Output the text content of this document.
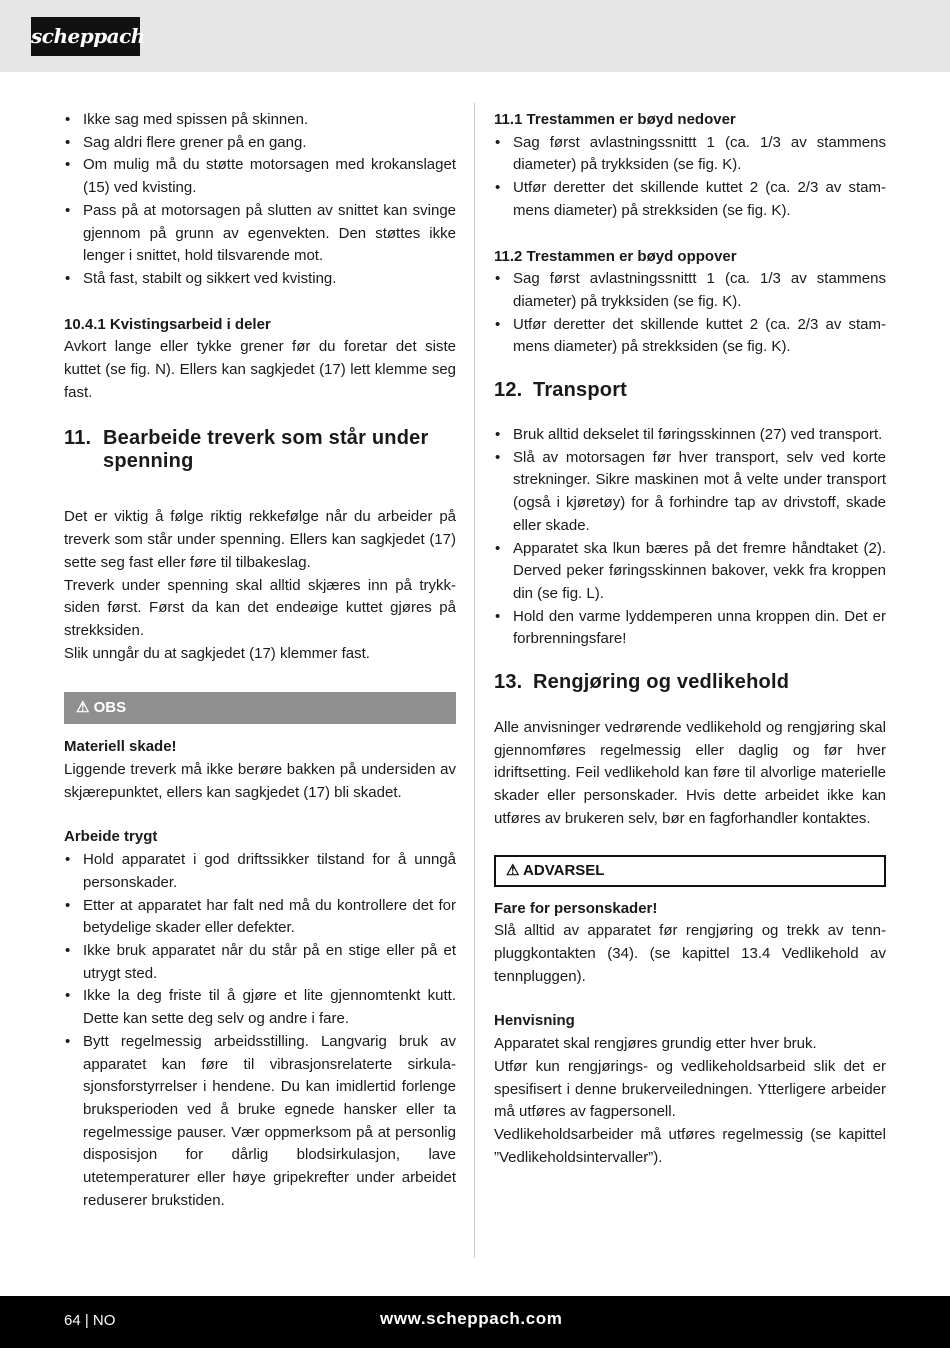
scheppach
• Ikke sag med spissen på skinnen.
• Sag aldri flere grener på en gang.
• Om mulig må du støtte motorsagen med krokanslaget (15) ved kvisting.
• Pass på at motorsagen på slutten av snittet kan svinge gjennom på grunn av egenvekten. Den støttes ikke lenger i snittet, hold tilsvarende mot.
• Stå fast, stabilt og sikkert ved kvisting.
10.4.1 Kvistingsarbeid i deler

Avkort lange eller tykke grener før du foretar det siste kuttet (se fig. N). Ellers kan sagkjedet (17) lett klemme seg fast.

11. Bearbeide treverk som står under spenning

Det er viktig å følge riktig rekkefølge når du arbeider på treverk som står under spenning. Ellers kan sagkjedet (17) sette seg fast eller føre til tilbakeslag.

Treverk under spenning skal alltid skjæres inn på trykksiden først. Først da kan det endeøige kuttet gjøres på strekksiden.

Slik unngår du at sagkjedet (17) klemmer fast.

⚠ OBS
Materiell skade!

Liggende treverk må ikke berøre bakken på undersiden av skjærepunktet, ellers kan sagkjedet (17) bli skadet.

Arbeide trygt
• Hold apparatet i god driftssikker tilstand for å unngå personskader.
• Etter at apparatet har falt ned må du kontrollere det for betydelige skader eller defekter.
• Ikke bruk apparatet når du står på en stige eller på et utrygt sted.
• Ikke la deg friste til å gjøre et lite gjennomtenkt kutt. Dette kan sette deg selv og andre i fare.
• Bytt regelmessig arbeidsstilling. Langvarig bruk av apparatet kan føre til vibrasjonsrelaterte sirkulasjonsforstyrrelser i hendene. Du kan imidlertid forlenge bruksperioden ved å bruke egnede hansker eller ta regelmessige pauser. Vær oppmerksom på at personlig disposisjon for dårlig blodsirkulasjon, lave utetemperaturer eller høye gripekrefter under arbeidet reduserer brukstiden.
11.1 Trestammen er bøyd nedover
• Sag først avlastningssnittt 1 (ca. 1/3 av stammens diameter) på trykksiden (se fig. K).
• Utfør deretter det skillende kuttet 2 (ca. 2/3 av stammens diameter) på strekksiden (se fig. K).
11.2 Trestammen er bøyd oppover
• Sag først avlastningssnittt 1 (ca. 1/3 av stammens diameter) på trykksiden (se fig. K).
• Utfør deretter det skillende kuttet 2 (ca. 2/3 av stammens diameter) på strekksiden (se fig. K).
12. Transport
• Bruk alltid dekselet til føringsskinnen (27) ved transport.
• Slå av motorsagen før hver transport, selv ved korte strekninger. Sikre maskinen mot å velte under transport (også i kjøretøy) for å forhindre tap av drivstoff, skade eller skade.
• Apparatet ska lkun bæres på det fremre håndtaket (2). Derved peker føringsskinnen bakover, vekk fra kroppen din (se fig. L).
• Hold den varme lyddemperen unna kroppen din. Det er forbrenningsfare!
13. Rengjøring og vedlikehold

Alle anvisninger vedrørende vedlikehold og rengjøring skal gjennomføres regelmessig eller daglig og før hver idriftsetting. Feil vedlikehold kan føre til alvorlige materielle skader eller personskader. Hvis dette arbeidet ikke kan utføres av brukeren selv, bør en fagforhandler kontaktes.

⚠ ADVARSEL
Fare for personskader!

Slå alltid av apparatet før rengjøring og trekk av tennpluggkontakten (34). (se kapittel 13.4 Vedlikehold av tennpluggen).

Henvisning

Apparatet skal rengjøres grundig etter hver bruk.

Utfør kun rengjørings- og vedlikeholdsarbeid slik det er spesifisert i denne brukerveiledningen. Ytterligere arbeider må utføres av fagpersonell.

Vedlikeholdsarbeider må utføres regelmessig (se kapittel ”Vedlikeholdsintervaller”).

64 | NO	www.scheppach.com
